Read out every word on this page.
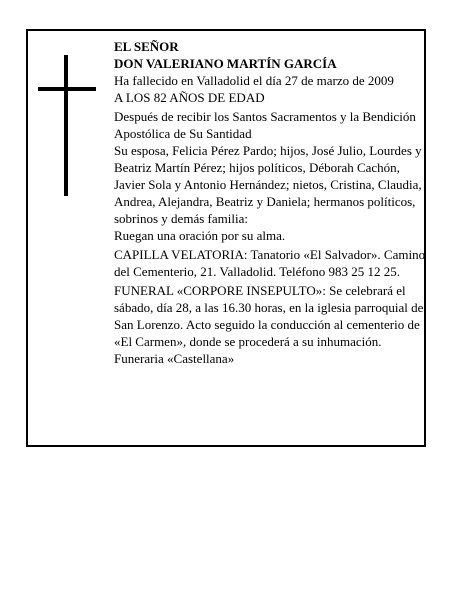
EL SEÑOR

DON VALERIANO MARTÍN GARCÍA

Ha fallecido en Valladolid el día 27 de marzo de 2009

A LOS 82 AÑOS DE EDAD

Después de recibir los Santos Sacramentos y la Bendición Apostólica de Su Santidad

Su esposa, Felicia Pérez Pardo; hijos, José Julio, Lourdes y Beatriz Martín Pérez; hijos políticos, Déborah Cachón, Javier Sola y Antonio Hernández; nietos, Cristina, Claudia, Andrea, Alejandra, Beatriz y Daniela; hermanos políticos, sobrinos y demás familia:

Ruegan una oración por su alma.

CAPILLA VELATORIA: Tanatorio «El Salvador». Camino del Cementerio, 21. Valladolid. Teléfono 983 25 12 25.

FUNERAL «CORPORE INSEPULTO»: Se celebrará el sábado, día 28, a las 16.30 horas, en la iglesia parroquial de San Lorenzo. Acto seguido la conducción al cementerio de «El Carmen», donde se procederá a su inhumación.

Funeraria «Castellana»
